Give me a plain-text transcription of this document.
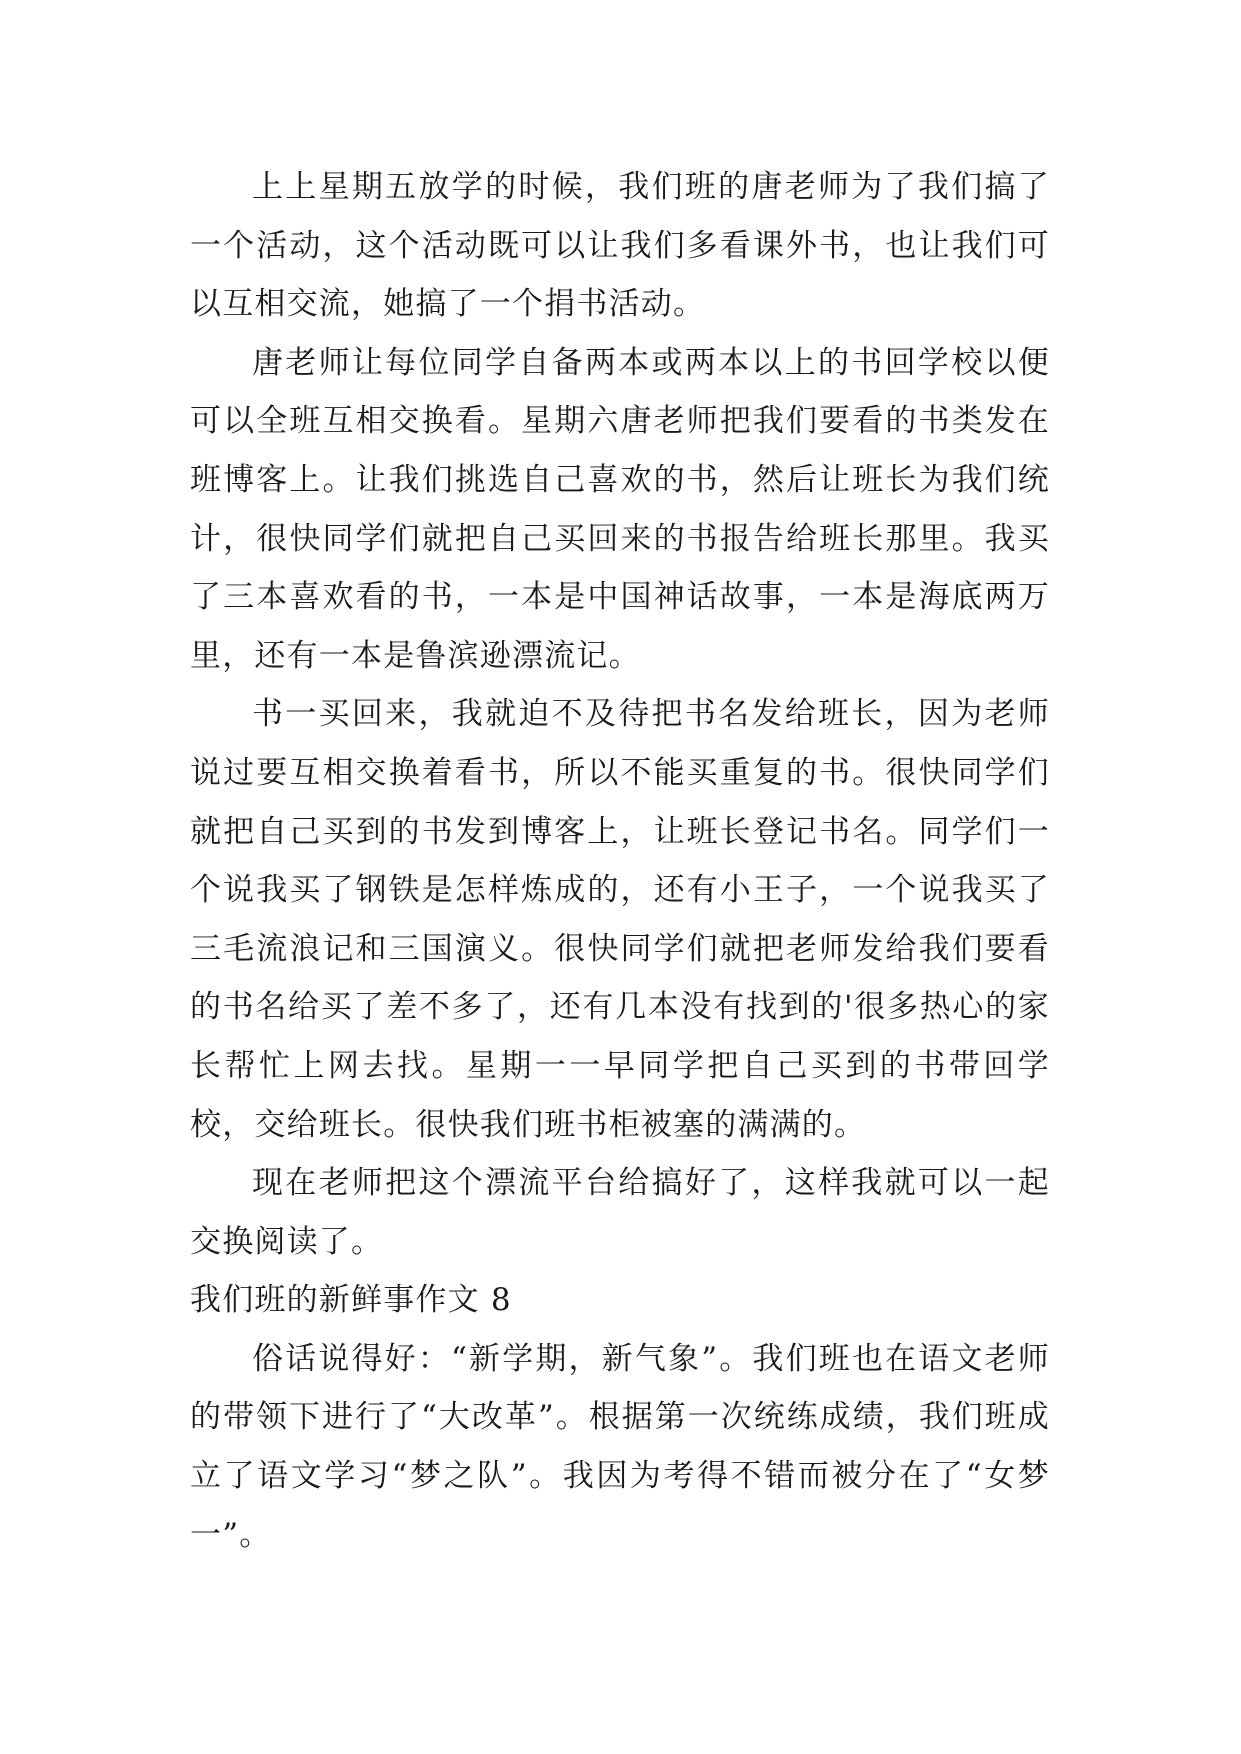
上上星期五放学的时候，我们班的唐老师为了我们搞了一个活动，这个活动既可以让我们多看课外书，也让我们可以互相交流，她搞了一个捐书活动。

唐老师让每位同学自备两本或两本以上的书回学校以便可以全班互相交换看。星期六唐老师把我们要看的书类发在班博客上。让我们挑选自己喜欢的书，然后让班长为我们统计，很快同学们就把自己买回来的书报告给班长那里。我买了三本喜欢看的书，一本是中国神话故事，一本是海底两万里，还有一本是鲁滨逊漂流记。

书一买回来，我就迫不及待把书名发给班长，因为老师说过要互相交换着看书，所以不能买重复的书。很快同学们就把自己买到的书发到博客上，让班长登记书名。同学们一个说我买了钢铁是怎样炼成的，还有小王子，一个说我买了三毛流浪记和三国演义。很快同学们就把老师发给我们要看的书名给买了差不多了，还有几本没有找到的'很多热心的家长帮忙上网去找。星期一一早同学把自己买到的书带回学校，交给班长。很快我们班书柜被塞的满满的。

现在老师把这个漂流平台给搞好了，这样我就可以一起交换阅读了。

我们班的新鲜事作文 8

俗话说得好：“新学期，新气象”。我们班也在语文老师的带领下进行了“大改革”。根据第一次统练成绩，我们班成立了语文学习“梦之队”。我因为考得不错而被分在了“女梦一”。
